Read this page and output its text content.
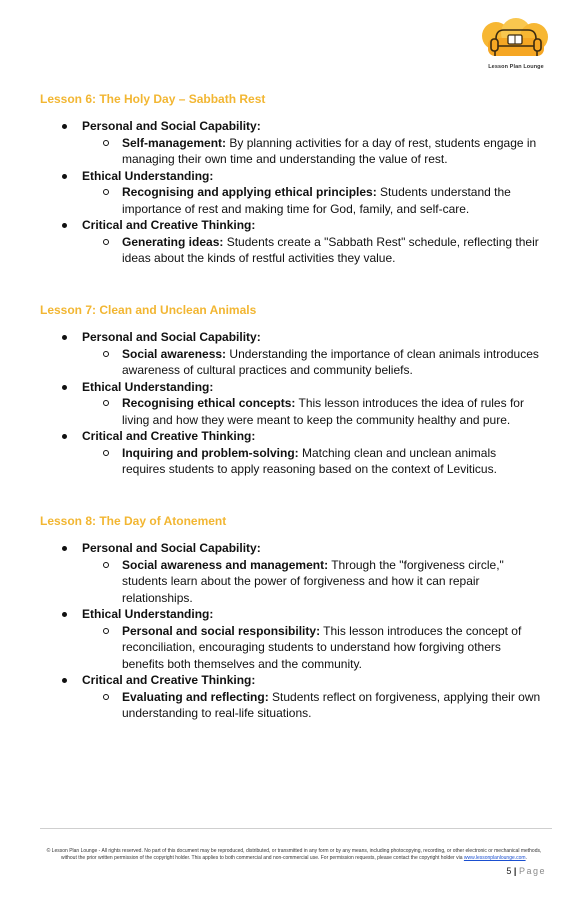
Lesson Plan Lounge
Lesson 6: The Holy Day – Sabbath Rest
Personal and Social Capability:
Self-management: By planning activities for a day of rest, students engage in managing their own time and understanding the value of rest.
Ethical Understanding:
Recognising and applying ethical principles: Students understand the importance of rest and making time for God, family, and self-care.
Critical and Creative Thinking:
Generating ideas: Students create a "Sabbath Rest" schedule, reflecting their ideas about the kinds of restful activities they value.
Lesson 7: Clean and Unclean Animals
Personal and Social Capability:
Social awareness: Understanding the importance of clean animals introduces awareness of cultural practices and community beliefs.
Ethical Understanding:
Recognising ethical concepts: This lesson introduces the idea of rules for living and how they were meant to keep the community healthy and pure.
Critical and Creative Thinking:
Inquiring and problem-solving: Matching clean and unclean animals requires students to apply reasoning based on the context of Leviticus.
Lesson 8: The Day of Atonement
Personal and Social Capability:
Social awareness and management: Through the "forgiveness circle," students learn about the power of forgiveness and how it can repair relationships.
Ethical Understanding:
Personal and social responsibility: This lesson introduces the concept of reconciliation, encouraging students to understand how forgiving others benefits both themselves and the community.
Critical and Creative Thinking:
Evaluating and reflecting: Students reflect on forgiveness, applying their own understanding to real-life situations.
© Lesson Plan Lounge - All rights reserved. No part of this document may be reproduced, distributed, or transmitted in any form or by any means, including photocopying, recording, or other electronic or mechanical methods, without the prior written permission of the copyright holder. This applies to both commercial and non-commercial use. For permission requests, please contact the copyright holder via www.lessonplanlounge.com.
5 | Page
